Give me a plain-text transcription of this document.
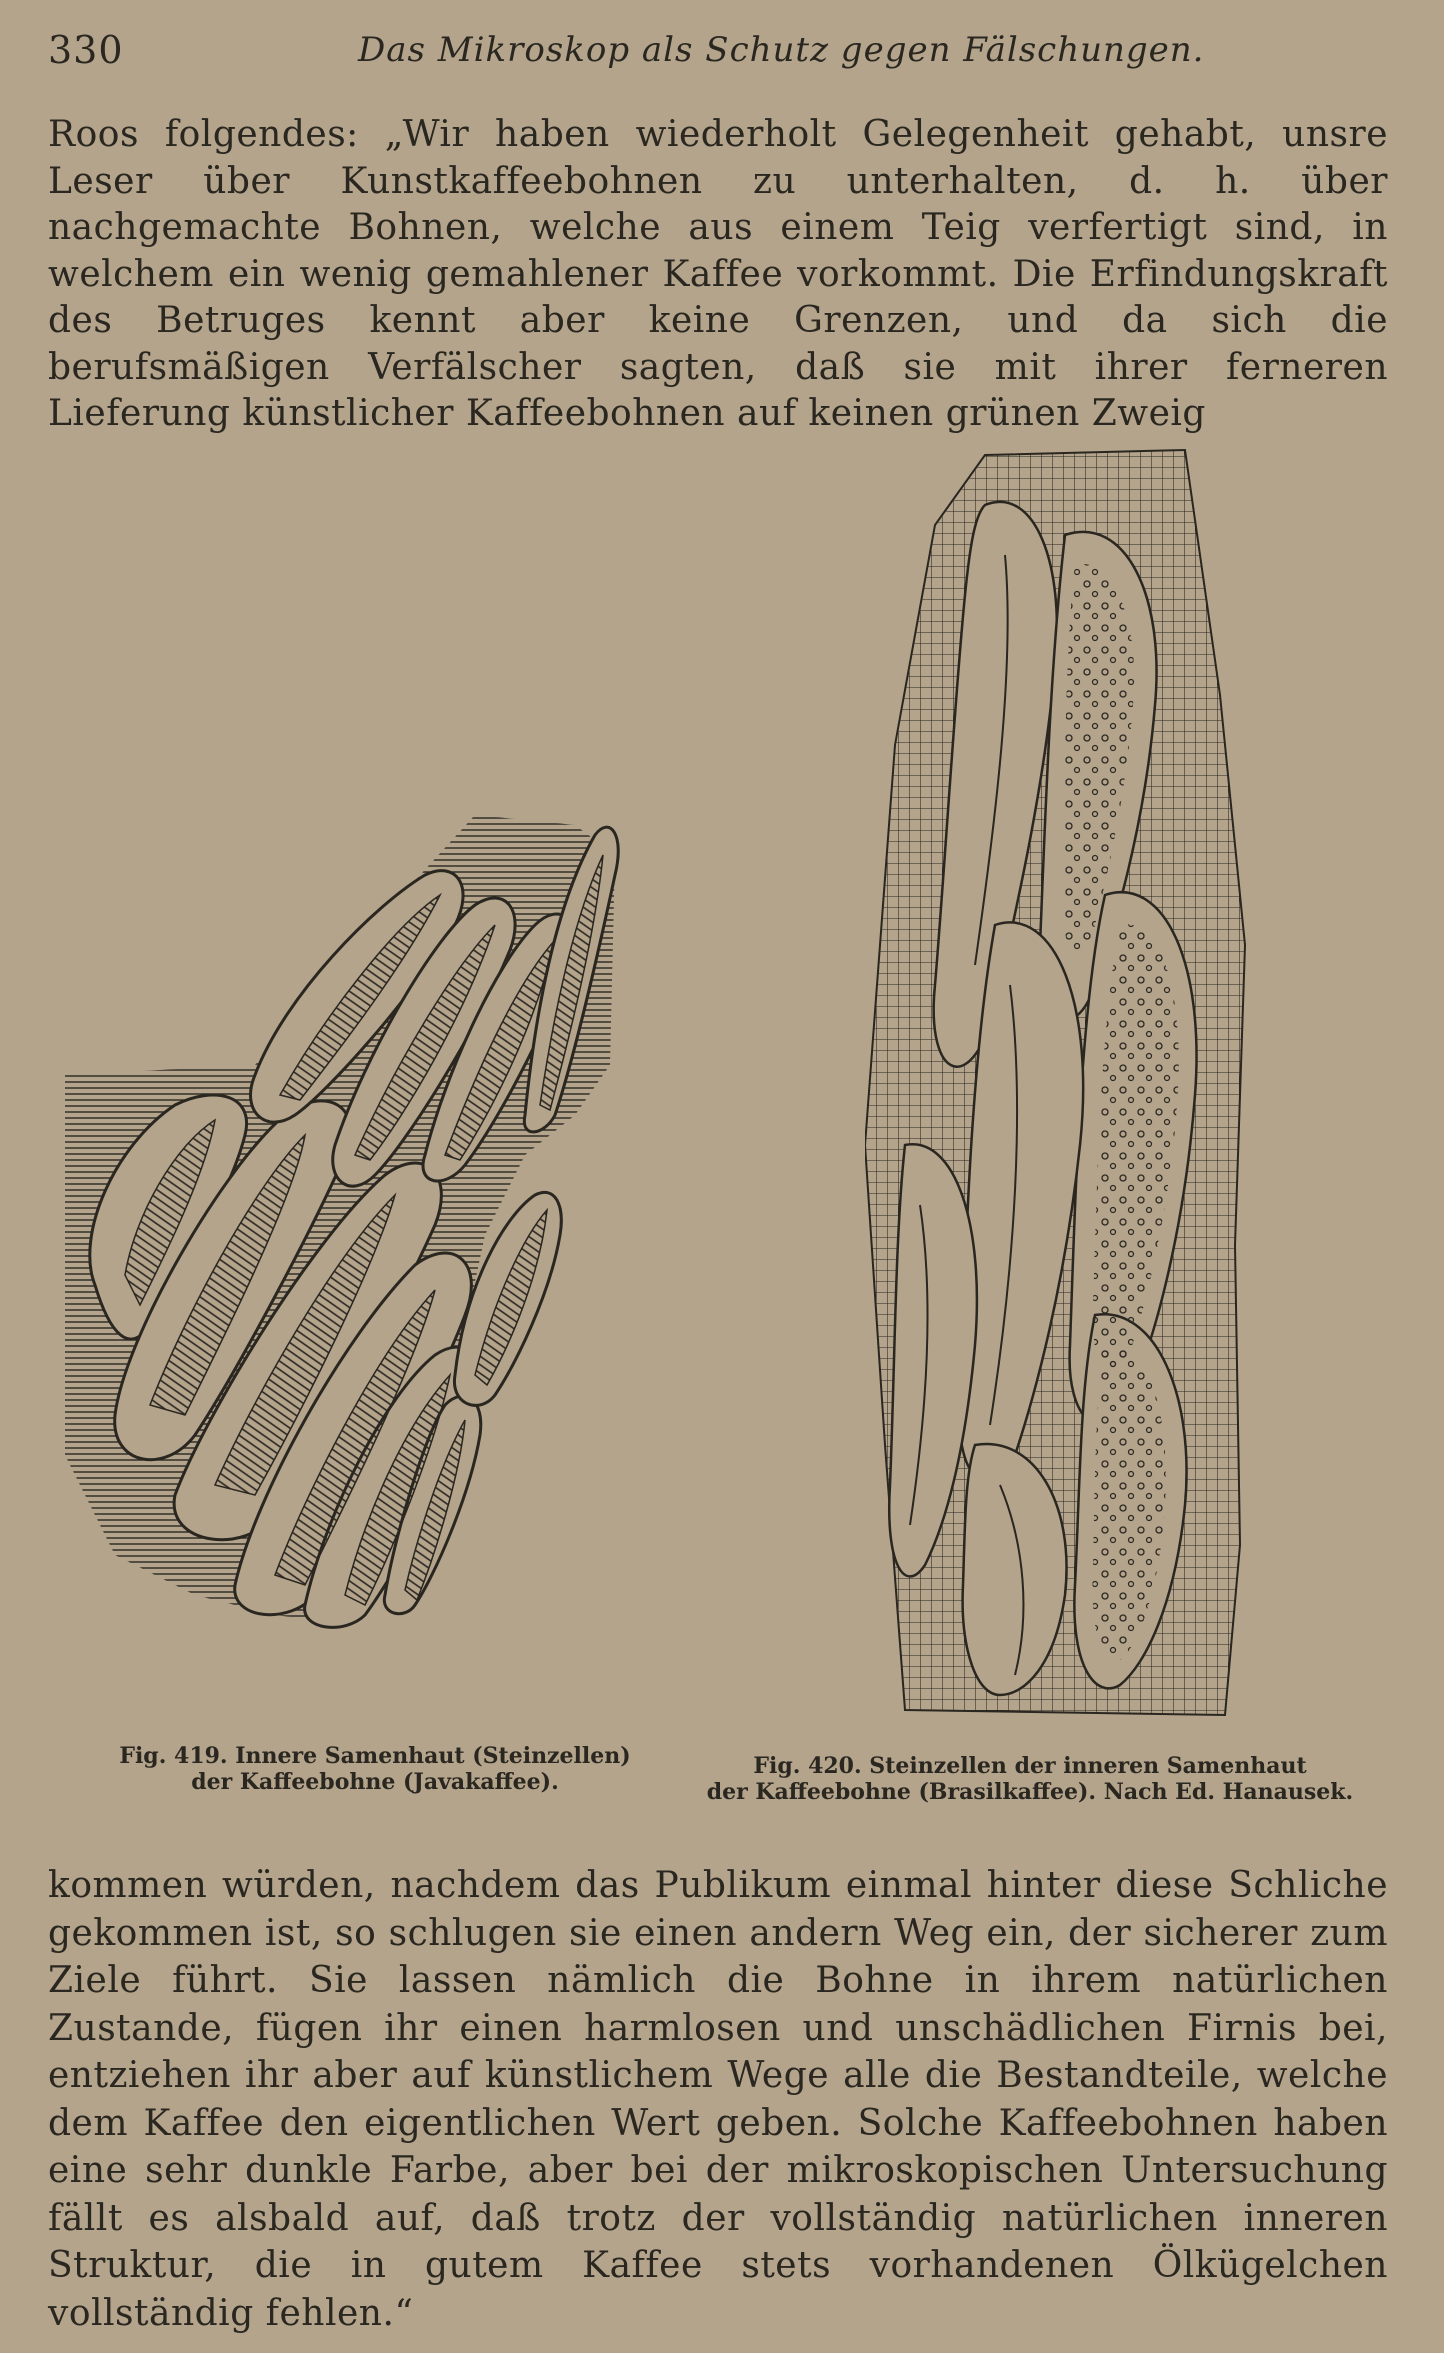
330	Das Mikroskop als Schutz gegen Fälschungen.
Roos folgendes: „Wir haben wiederholt Gelegenheit gehabt, unsre Leser über Kunstkaffeebohnen zu unterhalten, d. h. über nachgemachte Bohnen, welche aus einem Teig verfertigt sind, in welchem ein wenig gemahlener Kaffee vorkommt. Die Erfindungskraft des Betruges kennt aber keine Grenzen, und da sich die berufsmäßigen Verfälscher sagten, daß sie mit ihrer ferneren Lieferung künstlicher Kaffeebohnen auf keinen grünen Zweig
Fig. 419. Innere Samenhaut (Steinzellen)
der Kaffeebohne (Javakaffee).
Fig. 420. Steinzellen der inneren Samenhaut
der Kaffeebohne (Brasilkaffee). Nach Ed. Hanausek.
kommen würden, nachdem das Publikum einmal hinter diese Schliche gekommen ist, so schlugen sie einen andern Weg ein, der sicherer zum Ziele führt. Sie lassen nämlich die Bohne in ihrem natürlichen Zustande, fügen ihr einen harmlosen und unschädlichen Firnis bei, entziehen ihr aber auf künstlichem Wege alle die Bestandteile, welche dem Kaffee den eigentlichen Wert geben. Solche Kaffeebohnen haben eine sehr dunkle Farbe, aber bei der mikroskopischen Untersuchung fällt es alsbald auf, daß trotz der vollständig natürlichen inneren Struktur, die in gutem Kaffee stets vorhandenen Ölkügelchen vollständig fehlen.“
